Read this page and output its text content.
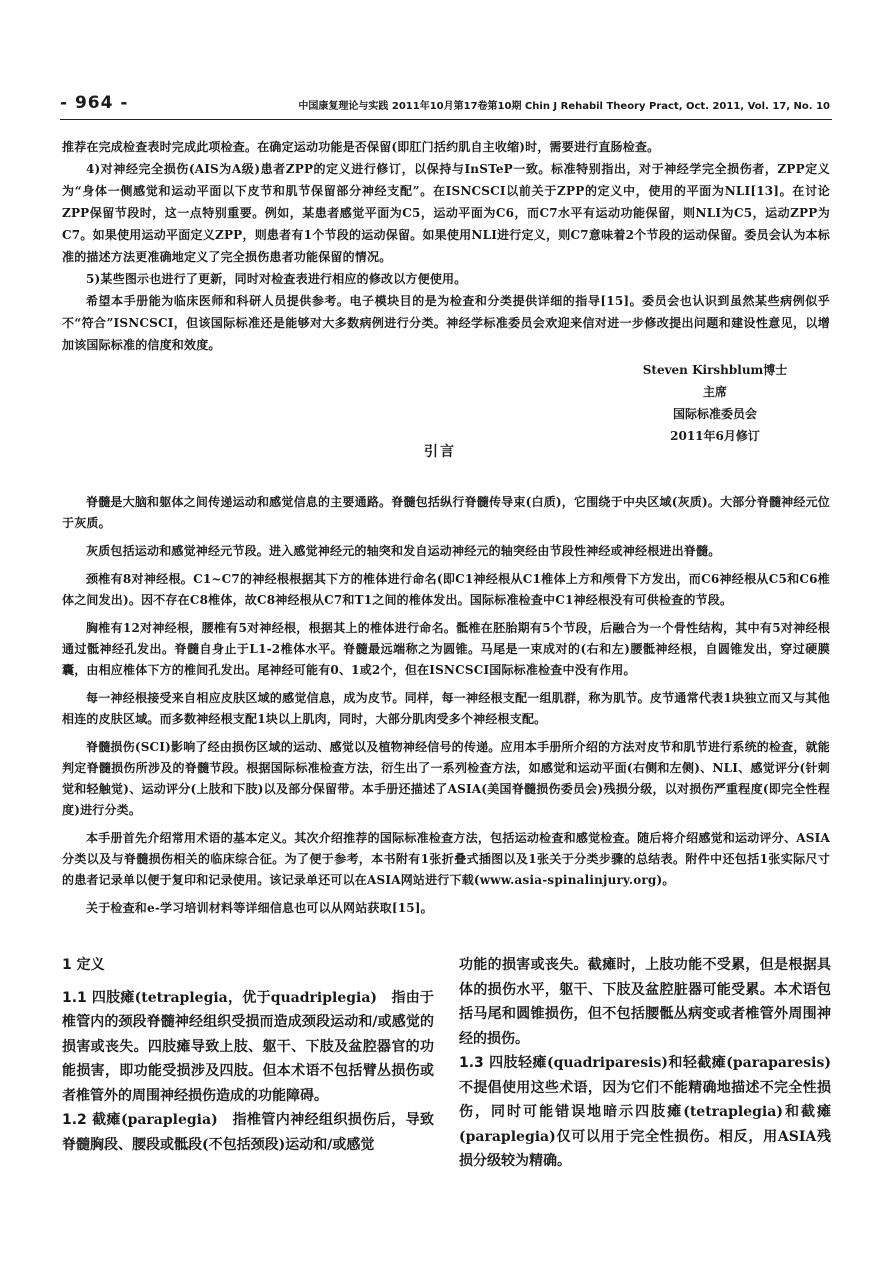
- 964 -	中国康复理论与实践 2011年10月第17卷第10期 Chin J Rehabil Theory Pract, Oct. 2011, Vol. 17, No. 10

推荐在完成检查表时完成此项检查。在确定运动功能是否保留(即肛门括约肌自主收缩)时，需要进行直肠检查。

4)对神经完全损伤(AIS为A级)患者ZPP的定义进行修订，以保持与InSTeP一致。标准特别指出，对于神经学完全损伤者，ZPP定义为“身体一侧感觉和运动平面以下皮节和肌节保留部分神经支配”。在ISNCSCI以前关于ZPP的定义中，使用的平面为NLI[13]。在讨论ZPP保留节段时，这一点特别重要。例如，某患者感觉平面为C5，运动平面为C6，而C7水平有运动功能保留，则NLI为C5，运动ZPP为C7。如果使用运动平面定义ZPP，则患者有1个节段的运动保留。如果使用NLI进行定义，则C7意味着2个节段的运动保留。委员会认为本标准的描述方法更准确地定义了完全损伤患者功能保留的情况。

5)某些图示也进行了更新，同时对检查表进行相应的修改以方便使用。

希望本手册能为临床医师和科研人员提供参考。电子模块目的是为检查和分类提供详细的指导[15]。委员会也认识到虽然某些病例似乎不“符合”ISNCSCI，但该国际标准还是能够对大多数病例进行分类。神经学标准委员会欢迎来信对进一步修改提出问题和建设性意见，以增加该国际标准的信度和效度。

Steven Kirshblum博士
主席
国际标准委员会
2011年6月修订
引言

脊髓是大脑和躯体之间传递运动和感觉信息的主要通路。脊髓包括纵行脊髓传导束(白质)，它围绕于中央区域(灰质)。大部分脊髓神经元位于灰质。

灰质包括运动和感觉神经元节段。进入感觉神经元的轴突和发自运动神经元的轴突经由节段性神经或神经根进出脊髓。

颈椎有8对神经根。C1~C7的神经根根据其下方的椎体进行命名(即C1神经根从C1椎体上方和颅骨下方发出，而C6神经根从C5和C6椎体之间发出)。因不存在C8椎体，故C8神经根从C7和T1之间的椎体发出。国际标准检查中C1神经根没有可供检查的节段。

胸椎有12对神经根，腰椎有5对神经根，根据其上的椎体进行命名。骶椎在胚胎期有5个节段，后融合为一个骨性结构，其中有5对神经根通过骶神经孔发出。脊髓自身止于L1-2椎体水平。脊髓最远端称之为圆锥。马尾是一束成对的(右和左)腰骶神经根，自圆锥发出，穿过硬膜囊，由相应椎体下方的椎间孔发出。尾神经可能有0、1或2个，但在ISNCSCI国际标准检查中没有作用。

每一神经根接受来自相应皮肤区域的感觉信息，成为皮节。同样，每一神经根支配一组肌群，称为肌节。皮节通常代表1块独立而又与其他相连的皮肤区域。而多数神经根支配1块以上肌肉，同时，大部分肌肉受多个神经根支配。

脊髓损伤(SCI)影响了经由损伤区域的运动、感觉以及植物神经信号的传递。应用本手册所介绍的方法对皮节和肌节进行系统的检查，就能判定脊髓损伤所涉及的脊髓节段。根据国际标准检查方法，衍生出了一系列检查方法，如感觉和运动平面(右侧和左侧)、NLI、感觉评分(针刺觉和轻触觉)、运动评分(上肢和下肢)以及部分保留带。本手册还描述了ASIA(美国脊髓损伤委员会)残损分级，以对损伤严重程度(即完全性程度)进行分类。

本手册首先介绍常用术语的基本定义。其次介绍推荐的国际标准检查方法，包括运动检查和感觉检查。随后将介绍感觉和运动评分、ASIA分类以及与脊髓损伤相关的临床综合征。为了便于参考，本书附有1张折叠式插图以及1张关于分类步骤的总结表。附件中还包括1张实际尺寸的患者记录单以便于复印和记录使用。该记录单还可以在ASIA网站进行下载(www.asia-spinalinjury.org)。

关于检查和e-学习培训材料等详细信息也可以从网站获取[15]。

1 定义

1.1 四肢瘫(tetraplegia，优于quadriplegia)　指由于椎管内的颈段脊髓神经组织受损而造成颈段运动和/或感觉的损害或丧失。四肢瘫导致上肢、躯干、下肢及盆腔器官的功能损害，即功能受损涉及四肢。但本术语不包括臂丛损伤或者椎管外的周围神经损伤造成的功能障碍。

1.2 截瘫(paraplegia)　指椎管内神经组织损伤后，导致脊髓胸段、腰段或骶段(不包括颈段)运动和/或感觉

功能的损害或丧失。截瘫时，上肢功能不受累，但是根据具体的损伤水平，躯干、下肢及盆腔脏器可能受累。本术语包括马尾和圆锥损伤，但不包括腰骶丛病变或者椎管外周围神经的损伤。

1.3 四肢轻瘫(quadriparesis)和轻截瘫(paraparesis)　不提倡使用这些术语，因为它们不能精确地描述不完全性损伤，同时可能错误地暗示四肢瘫(tetraplegia)和截瘫(paraplegia)仅可以用于完全性损伤。相反，用ASIA残损分级较为精确。
